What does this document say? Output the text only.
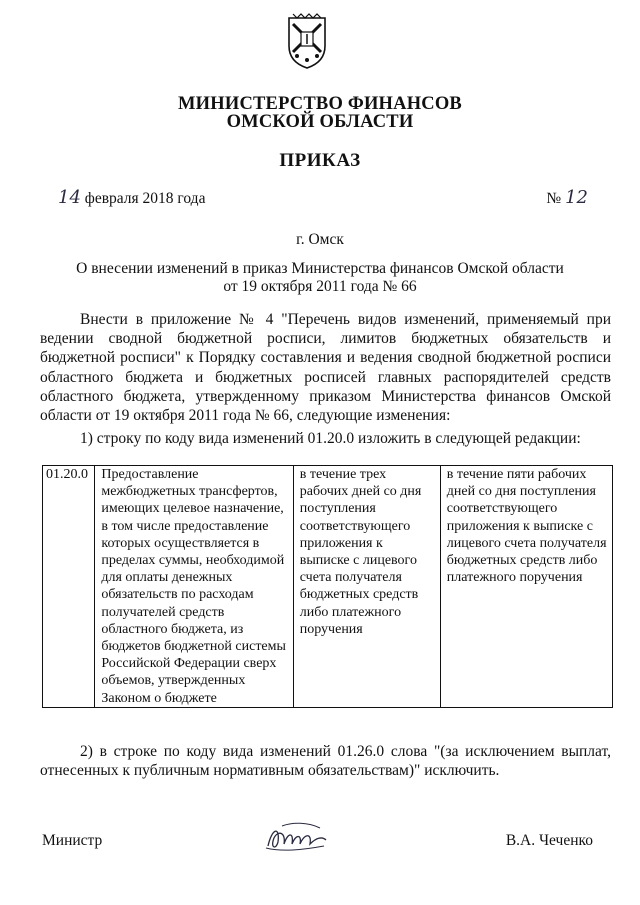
МИНИСТЕРСТВО ФИНАНСОВ
ОМСКОЙ ОБЛАСТИ
ПРИКАЗ
14 февраля 2018 года	№ 12
г. Омск
О внесении изменений в приказ Министерства финансов Омской области
от 19 октября 2011 года № 66
Внести в приложение № 4 "Перечень видов изменений, применяемый при ведении сводной бюджетной росписи, лимитов бюджетных обязательств и бюджетной росписи" к Порядку составления и ведения сводной бюджетной росписи областного бюджета и бюджетных росписей главных распорядителей средств областного бюджета, утвержденному приказом Министерства финансов Омской области от 19 октября 2011 года № 66, следующие изменения:
1) строку по коду вида изменений 01.20.0 изложить в следующей редакции:
01.20.0	Предоставление межбюджетных трансфертов, имеющих целевое назначение, в том числе предоставление которых осуществляется в пределах суммы, необходимой для оплаты денежных обязательств по расходам получателей средств областного бюджета, из бюджетов бюджетной системы Российской Федерации сверх объемов, утвержденных Законом о бюджете	в течение трех рабочих дней со дня поступления соответствующего приложения к выписке с лицевого счета получателя бюджетных средств либо платежного поручения	в течение пяти рабочих дней со дня поступления соответствующего приложения к выписке с лицевого счета получателя бюджетных средств либо платежного поручения
2) в строке по коду вида изменений 01.26.0 слова "(за исключением выплат, отнесенных к публичным нормативным обязательствам)" исключить.
Министр	В.А. Чеченко
